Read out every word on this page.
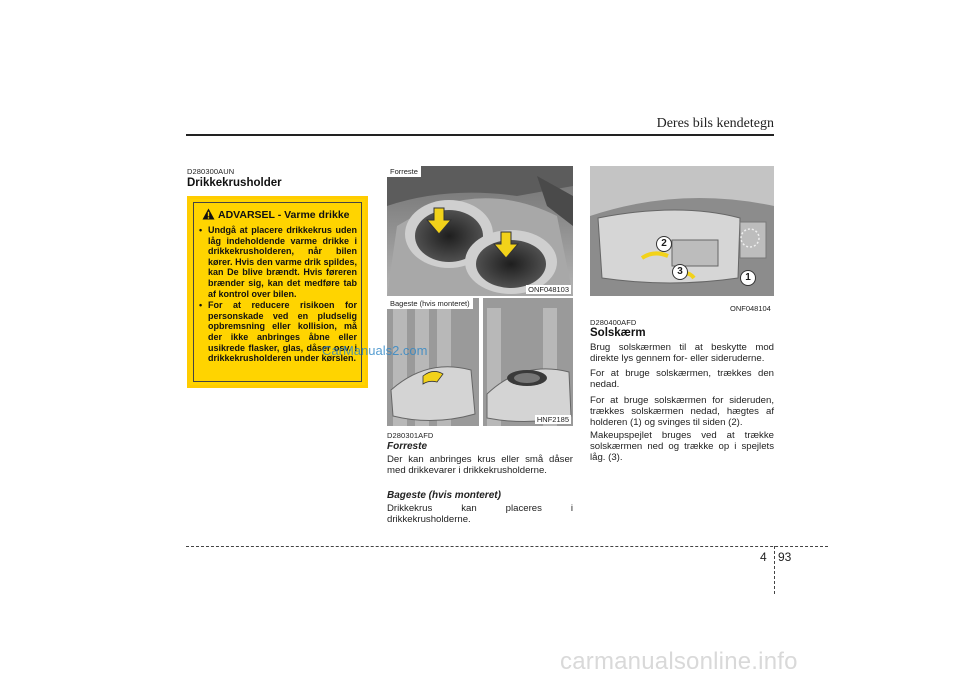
Deres bils kendetegn
D280300AUN
Drikkekrusholder
ADVARSEL - Varme drikke
• Undgå at placere drikkekrus uden låg indeholdende varme drikke i drikkekrusholderen, når bilen kører. Hvis den varme drik spildes, kan De blive brændt. Hvis føreren brænder sig, kan det medføre tab af kontrol over bilen.
• For at reducere risikoen for personskade ved en pludselig opbremsning eller kollision, må der ikke anbringes åbne eller usikrede flasker, glas, dåser osv. i drikkekrusholderen under kørslen.
Forreste
ONF048103
Bageste (hvis monteret)
HNF2185
D280301AFD
Forreste
Der kan anbringes krus eller små dåser med drikkevarer i drikkekrusholderne.
Bageste (hvis monteret)
Drikkekrus kan placeres i drikkekrusholderne.
2
3
1
ONF048104
D280400AFD
Solskærm
Brug solskærmen til at beskytte mod direkte lys gennem for- eller sideruderne.
For at bruge solskærmen, trækkes den nedad.
For at bruge solskærmen for sideruden, trækkes solskærmen nedad, hægtes af holderen (1) og svinges til siden (2).
Makeupspejlet bruges ved at trække solskærmen ned og trække op i spejlets låg. (3).
CarManuals2.com
4 93
carmanualsonline.info
